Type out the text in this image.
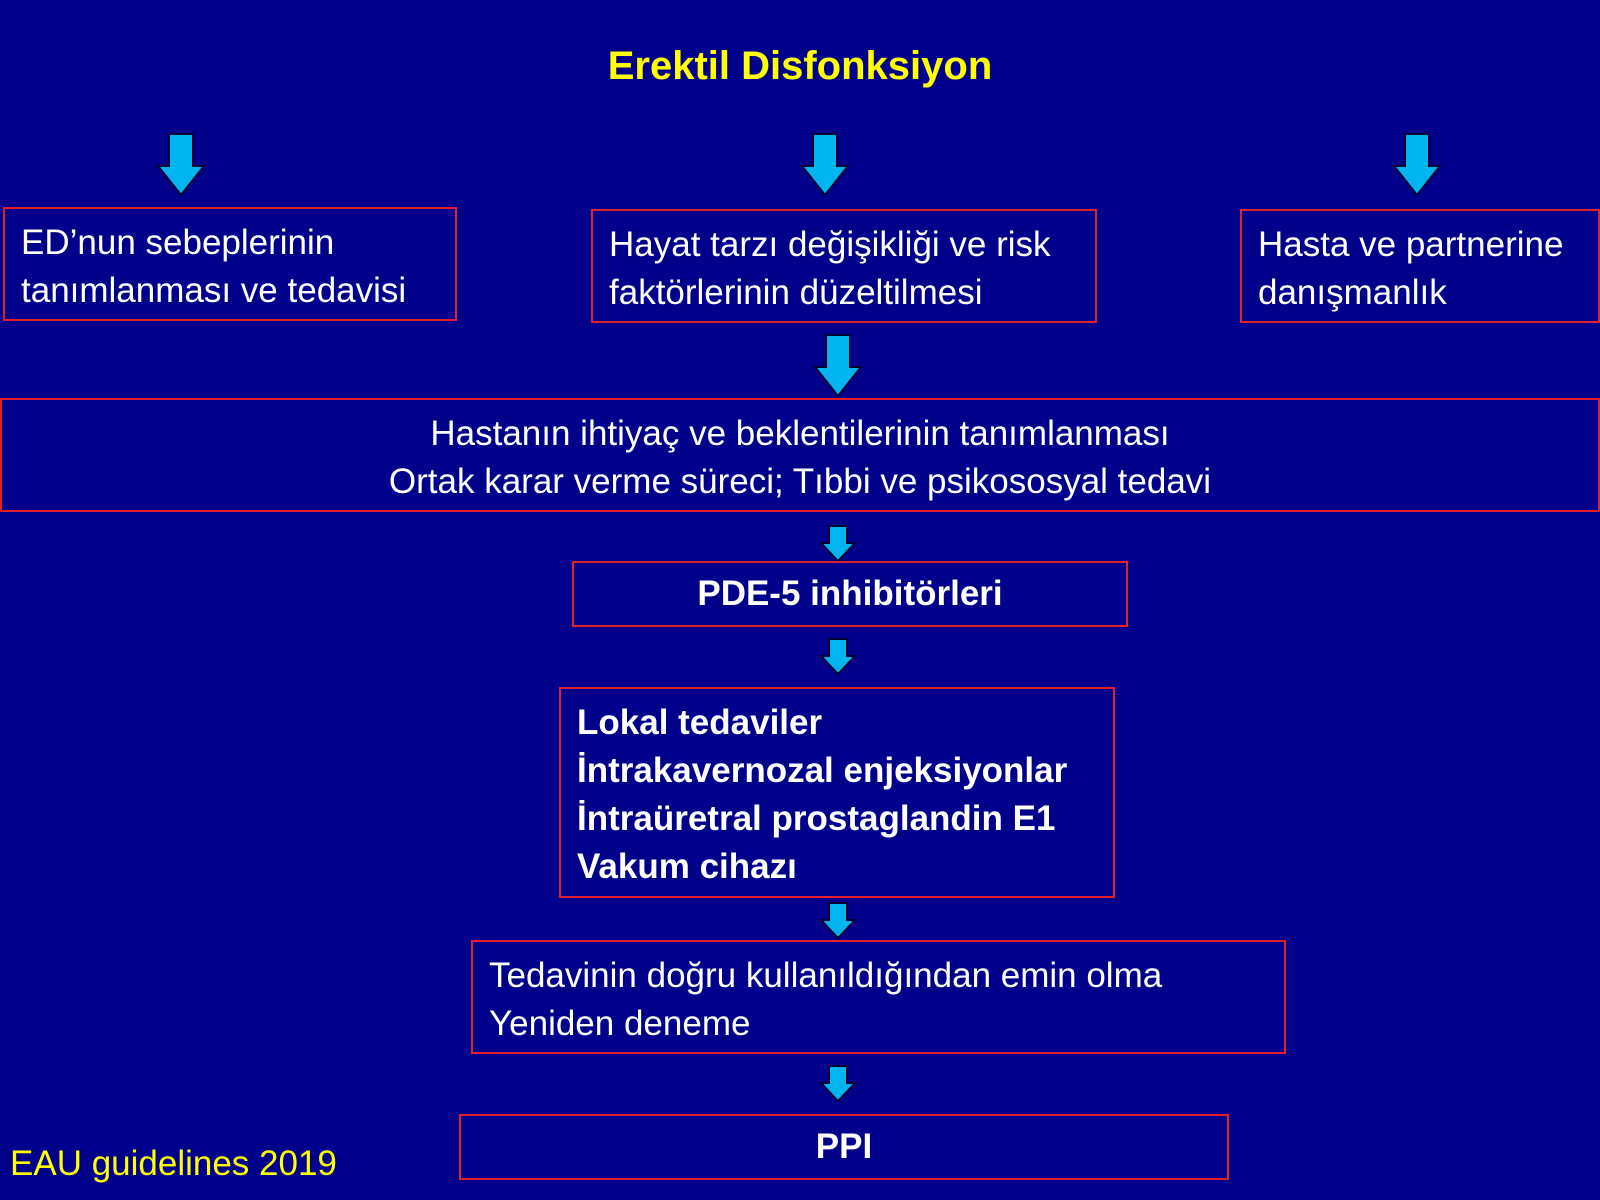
Erektil Disfonksiyon
ED’nun sebeplerinin
tanımlanması ve tedavisi
Hayat tarzı değişikliği ve risk
faktörlerinin düzeltilmesi
Hasta ve partnerine
danışmanlık
Hastanın ihtiyaç ve beklentilerinin tanımlanması
Ortak karar verme süreci; Tıbbi ve psikososyal tedavi
PDE-5 inhibitörleri
Lokal tedaviler
İntrakavernozal enjeksiyonlar
İntraüretral prostaglandin E1
Vakum cihazı
Tedavinin doğru kullanıldığından emin olma
Yeniden deneme
PPI
EAU guidelines 2019
